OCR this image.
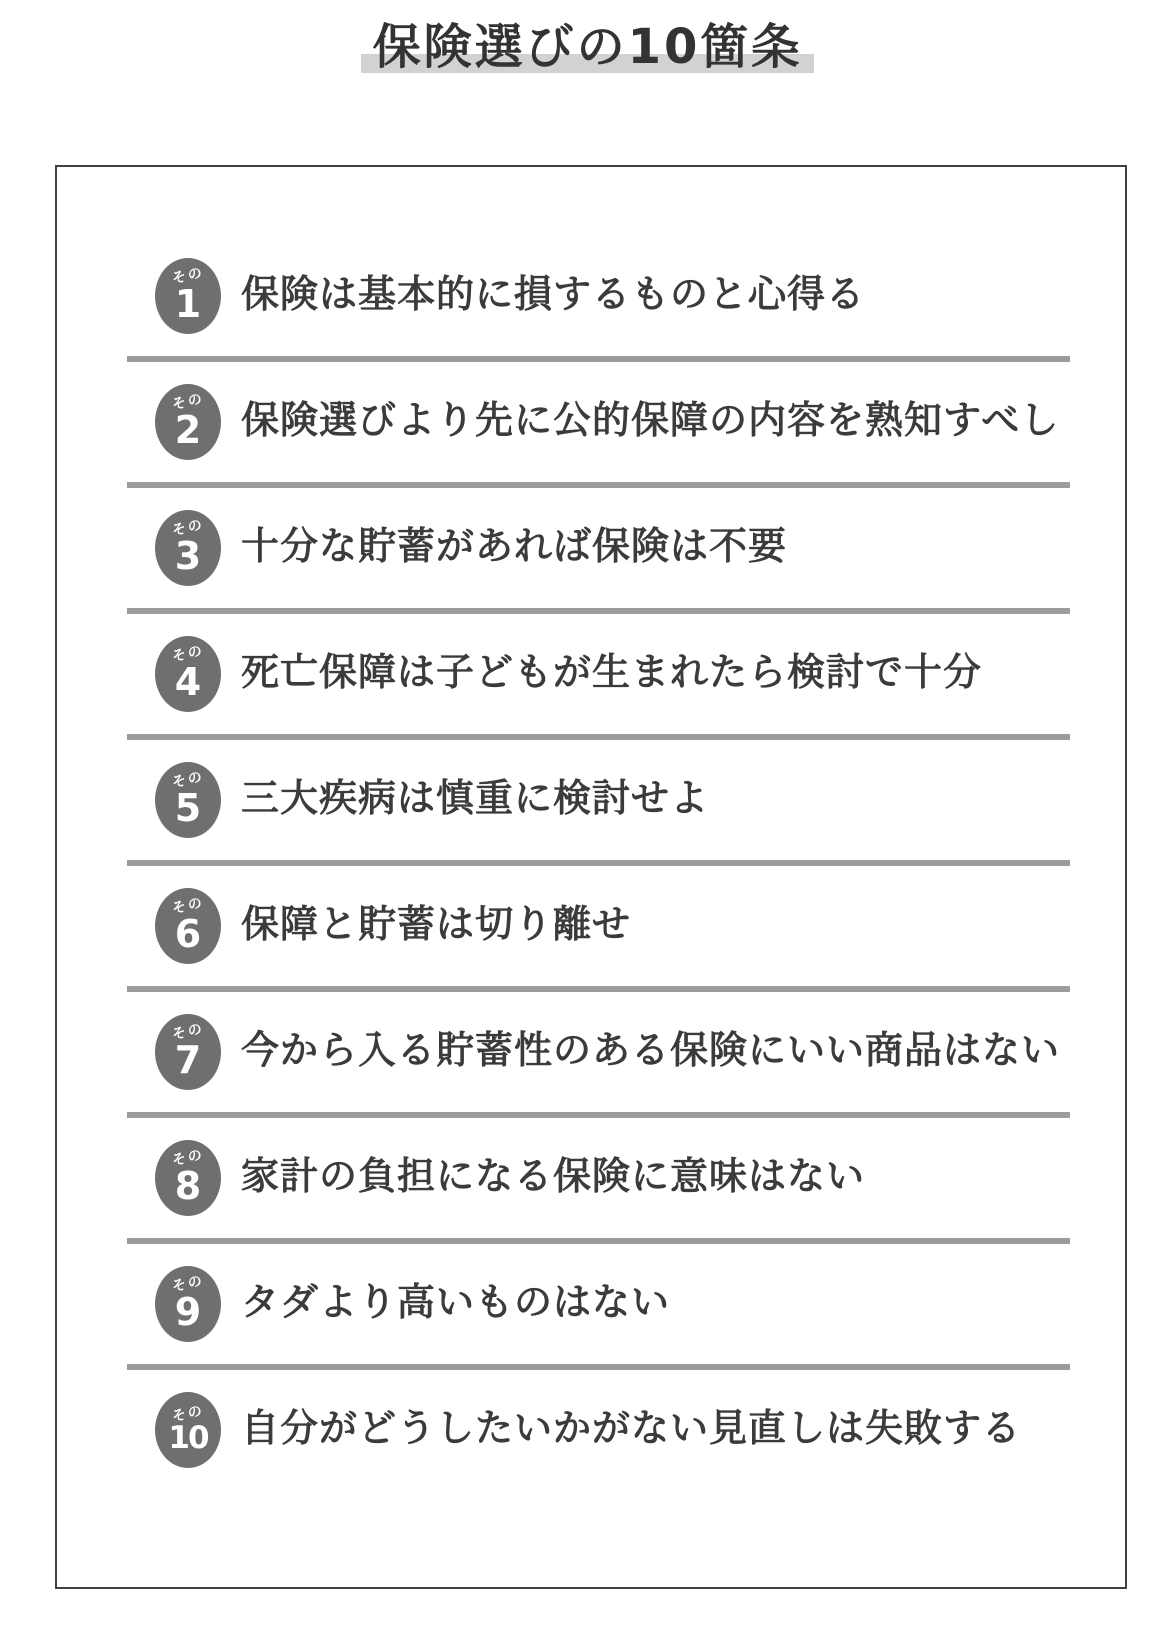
保険選びの10箇条
その
1 保険は基本的に損するものと心得る
その
2 保険選びより先に公的保障の内容を熟知すべし
その
3 十分な貯蓄があれば保険は不要
その
4 死亡保障は子どもが生まれたら検討で十分
その
5 三大疾病は慎重に検討せよ
その
6 保障と貯蓄は切り離せ
その
7 今から入る貯蓄性のある保険にいい商品はない
その
8 家計の負担になる保険に意味はない
その
9 タダより高いものはない
その
10 自分がどうしたいかがない見直しは失敗する
